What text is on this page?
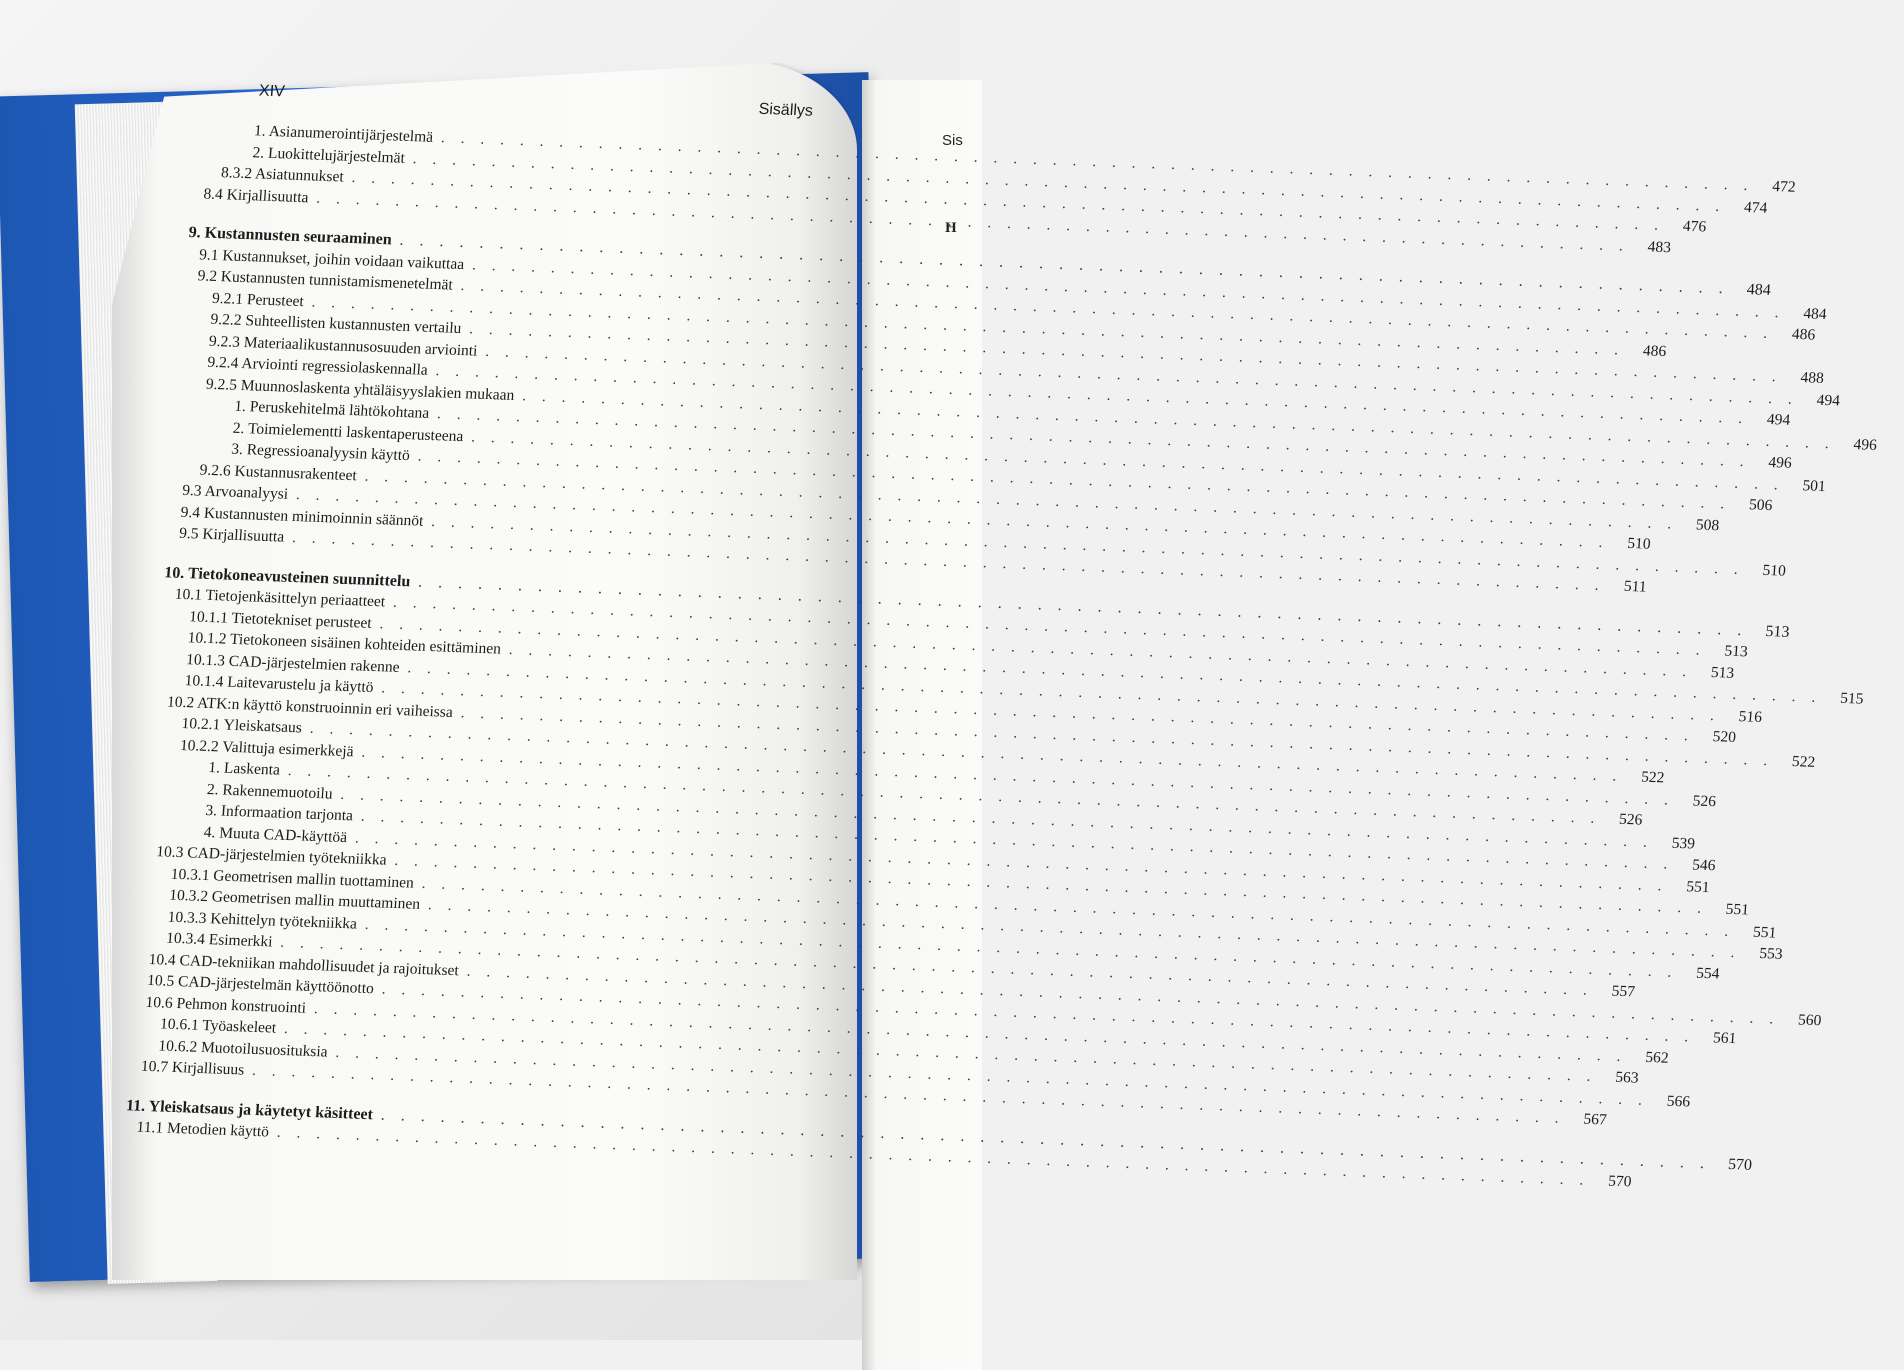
Sis
H
XIV
Sisällys
1. Asianumerointijärjestelmä
. . .
472
2. Luokittelujärjestelmät
. . .
474
8.3.2 Asiatunnukset
. . .
476
8.4 Kirjallisuutta
. . .
483
9. Kustannusten seuraaminen
. . .
484
9.1 Kustannukset, joihin voidaan vaikuttaa
. . .
484
9.2 Kustannusten tunnistamismenetelmät
. . .
486
9.2.1 Perusteet
. . .
486
9.2.2 Suhteellisten kustannusten vertailu
. . .
488
9.2.3 Materiaalikustannusosuuden arviointi
. . .
494
9.2.4 Arviointi regressiolaskennalla
. . .
494
9.2.5 Muunnoslaskenta yhtäläisyyslakien mukaan
. . .
496
1. Peruskehitelmä lähtökohtana
. . .
496
2. Toimielementti laskentaperusteena
. . .
501
3. Regressioanalyysin käyttö
. . .
506
9.2.6 Kustannusrakenteet
. . .
508
9.3 Arvoanalyysi
. . .
510
9.4 Kustannusten minimoinnin säännöt
. . .
510
9.5 Kirjallisuutta
. . .
511
10. Tietokoneavusteinen suunnittelu
. . .
513
10.1 Tietojenkäsittelyn periaatteet
. . .
513
10.1.1 Tietotekniset perusteet
. . .
513
10.1.2 Tietokoneen sisäinen kohteiden esittäminen
. . .
515
10.1.3 CAD-järjestelmien rakenne
. . .
516
10.1.4 Laitevarustelu ja käyttö
. . .
520
10.2 ATK:n käyttö konstruoinnin eri vaiheissa
. . .
522
10.2.1 Yleiskatsaus
. . .
522
10.2.2 Valittuja esimerkkejä
. . .
526
1. Laskenta
. . .
526
2. Rakennemuotoilu
. . .
539
3. Informaation tarjonta
. . .
546
4. Muuta CAD-käyttöä
. . .
551
10.3 CAD-järjestelmien työtekniikka
. . .
551
10.3.1 Geometrisen mallin tuottaminen
. . .
551
10.3.2 Geometrisen mallin muuttaminen
. . .
553
10.3.3 Kehittelyn työtekniikka
. . .
554
10.3.4 Esimerkki
. . .
557
10.4 CAD-tekniikan mahdollisuudet ja rajoitukset
. . .
560
10.5 CAD-järjestelmän käyttöönotto
. . .
561
10.6 Pehmon konstruointi
. . .
562
10.6.1 Työaskeleet
. . .
563
10.6.2 Muotoilusuosituksia
. . .
566
10.7 Kirjallisuus
. . .
567
11. Yleiskatsaus ja käytetyt käsitteet
. . .
570
11.1 Metodien käyttö
. . .
570
